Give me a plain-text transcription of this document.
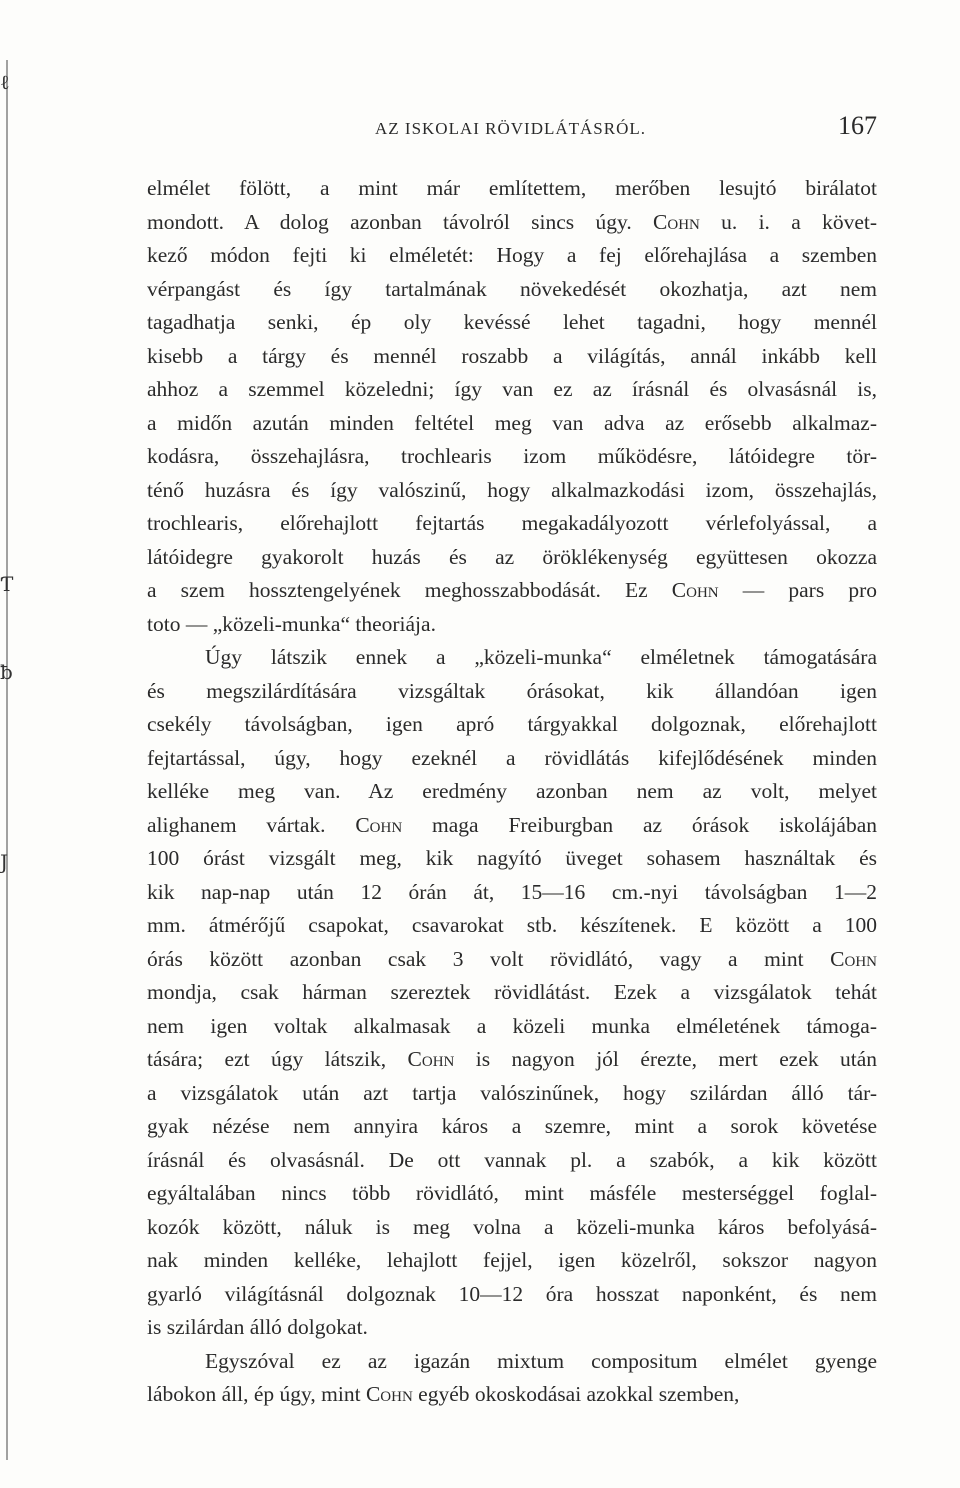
ℓ
Ƭ
ƀ
Ј
AZ ISKOLAI RÖVIDLÁTÁSRÓL.	167
elmélet fölött, a mint már említettem, merőben lesujtó birálatot
mondott. A dolog azonban távolról sincs úgy. Cohn u. i. a követ-
kező módon fejti ki elméletét: Hogy a fej előrehajlása a szemben
vérpangást és így tartalmának növekedését okozhatja, azt nem
tagadhatja senki, ép oly kevéssé lehet tagadni, hogy mennél
kisebb a tárgy és mennél roszabb a világítás, annál inkább kell
ahhoz a szemmel közeledni; így van ez az írásnál és olvasásnál is,
a midőn azután minden feltétel meg van adva az erősebb alkalmaz-
kodásra, összehajlásra, trochlearis izom működésre, látóidegre tör-
ténő huzásra és így valószinű, hogy alkalmazkodási izom, összehajlás,
trochlearis, előrehajlott fejtartás megakadályozott vérlefolyással, a
látóidegre gyakorolt huzás és az öröklékenység együttesen okozza
a szem hossztengelyének meghosszabbodását. Ez Cohn — pars pro
toto — „közeli-munka“ theoriája.
Úgy látszik ennek a „közeli-munka“ elméletnek támogatására
és megszilárdítására vizsgáltak órásokat, kik állandóan igen
csekély távolságban, igen apró tárgyakkal dolgoznak, előrehajlott
fejtartással, úgy, hogy ezeknél a rövidlátás kifejlődésének minden
kelléke meg van. Az eredmény azonban nem az volt, melyet
alighanem vártak. Cohn maga Freiburgban az órások iskolájában
100 órást vizsgált meg, kik nagyító üveget sohasem használtak és
kik nap-nap után 12 órán át, 15—16 cm.-nyi távolságban 1—2
mm. átmérőjű csapokat, csavarokat stb. készítenek. E között a 100
órás között azonban csak 3 volt rövidlátó, vagy a mint Cohn
mondja, csak hárman szereztek rövidlátást. Ezek a vizsgálatok tehát
nem igen voltak alkalmasak a közeli munka elméletének támoga-
tására; ezt úgy látszik, Cohn is nagyon jól érezte, mert ezek után
a vizsgálatok után azt tartja valószinűnek, hogy szilárdan álló tár-
gyak nézése nem annyira káros a szemre, mint a sorok követése
írásnál és olvasásnál. De ott vannak pl. a szabók, a kik között
egyáltalában nincs több rövidlátó, mint másféle mesterséggel foglal-
kozók között, náluk is meg volna a közeli-munka káros befolyásá-
nak minden kelléke, lehajlott fejjel, igen közelről, sokszor nagyon
gyarló világításnál dolgoznak 10—12 óra hosszat naponként, és nem
is szilárdan álló dolgokat.
Egyszóval ez az igazán mixtum compositum elmélet gyenge
lábokon áll, ép úgy, mint Cohn egyéb okoskodásai azokkal szemben,
